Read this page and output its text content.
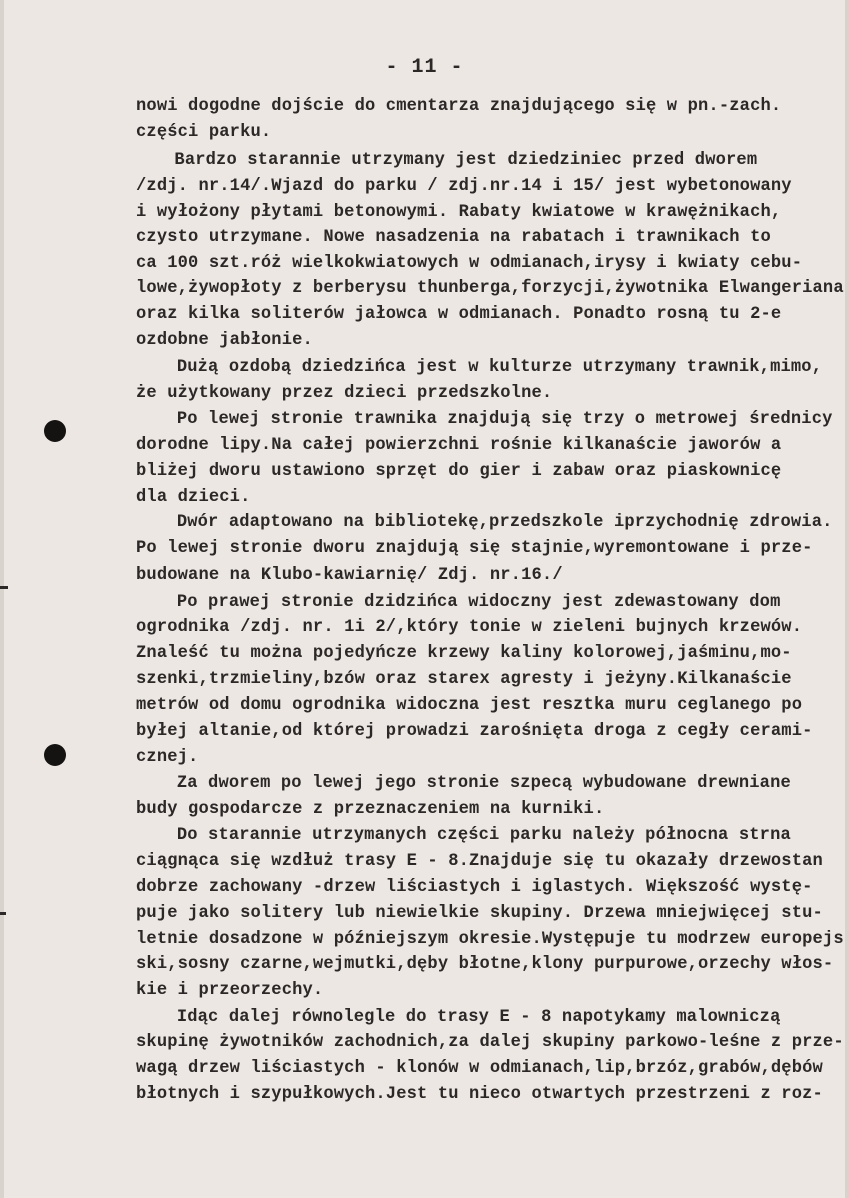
- 11 -
nowi dogodne dojście do cmentarza znajdującego się w pn.-zach.
części parku.
Bardzo starannie utrzymany jest dziedziniec przed dworem
/zdj. nr.14/.Wjazd do parku / zdj.nr.14 i 15/ jest wybetonowany
i wyłożony płytami betonowymi. Rabaty kwiatowe w krawężnikach,
czysto utrzymane. Nowe nasadzenia na rabatach i trawnikach to
ca 100 szt.róż wielkokwiatowych w odmianach,irysy i kwiaty cebu-
lowe,żywopłoty z berberysu thunberga,forzycji,żywotnika Elwangeriana
oraz kilka soliterów jałowca w odmianach. Ponadto rosną tu 2-e
ozdobne jabłonie.
Dużą ozdobą dziedzińca jest w kulturze utrzymany trawnik,mimo,
że użytkowany przez dzieci przedszkolne.
Po lewej stronie trawnika znajdują się trzy o metrowej średnicy
dorodne lipy.Na całej powierzchni rośnie kilkanaście jaworów a
bliżej dworu ustawiono sprzęt do gier i zabaw oraz piaskownicę
dla dzieci.
Dwór adaptowano na bibliotekę,przedszkole iprzychodnię zdrowia.
Po lewej stronie dworu znajdują się stajnie,wyremontowane i prze-
budowane na Klubo-kawiarnię/ Zdj. nr.16./
Po prawej stronie dzidzińca widoczny jest zdewastowany dom
ogrodnika /zdj. nr. 1i 2/,który tonie w zieleni bujnych krzewów.
Znaleść tu można pojedyńcze krzewy kaliny kolorowej,jaśminu,mo-
szenki,trzmieliny,bzów oraz starex agresty i jeżyny.Kilkanaście
metrów od domu ogrodnika widoczna jest resztka muru ceglanego po
byłej altanie,od której prowadzi zarośnięta droga z cegły cerami-
cznej.
Za dworem po lewej jego stronie szpecą wybudowane drewniane
budy gospodarcze z przeznaczeniem na kurniki.
Do starannie utrzymanych części parku należy północna strna
ciągnąca się wzdłuż trasy E - 8.Znajduje się tu okazały drzewostan
dobrze zachowany -drzew liściastych i iglastych. Większość wystę-
puje jako solitery lub niewielkie skupiny. Drzewa mniejwięcej stu-
letnie dosadzone w późniejszym okresie.Występuje tu modrzew europejs
ski,sosny czarne,wejmutki,dęby błotne,klony purpurowe,orzechy włos-
kie i przeorzechy.
Idąc dalej równolegle do trasy E - 8 napotykamy malowniczą
skupinę żywotników zachodnich,za dalej skupiny parkowo-leśne z prze-
wagą drzew liściastych - klonów w odmianach,lip,brzóz,grabów,dębów
błotnych i szypułkowych.Jest tu nieco otwartych przestrzeni z roz-
